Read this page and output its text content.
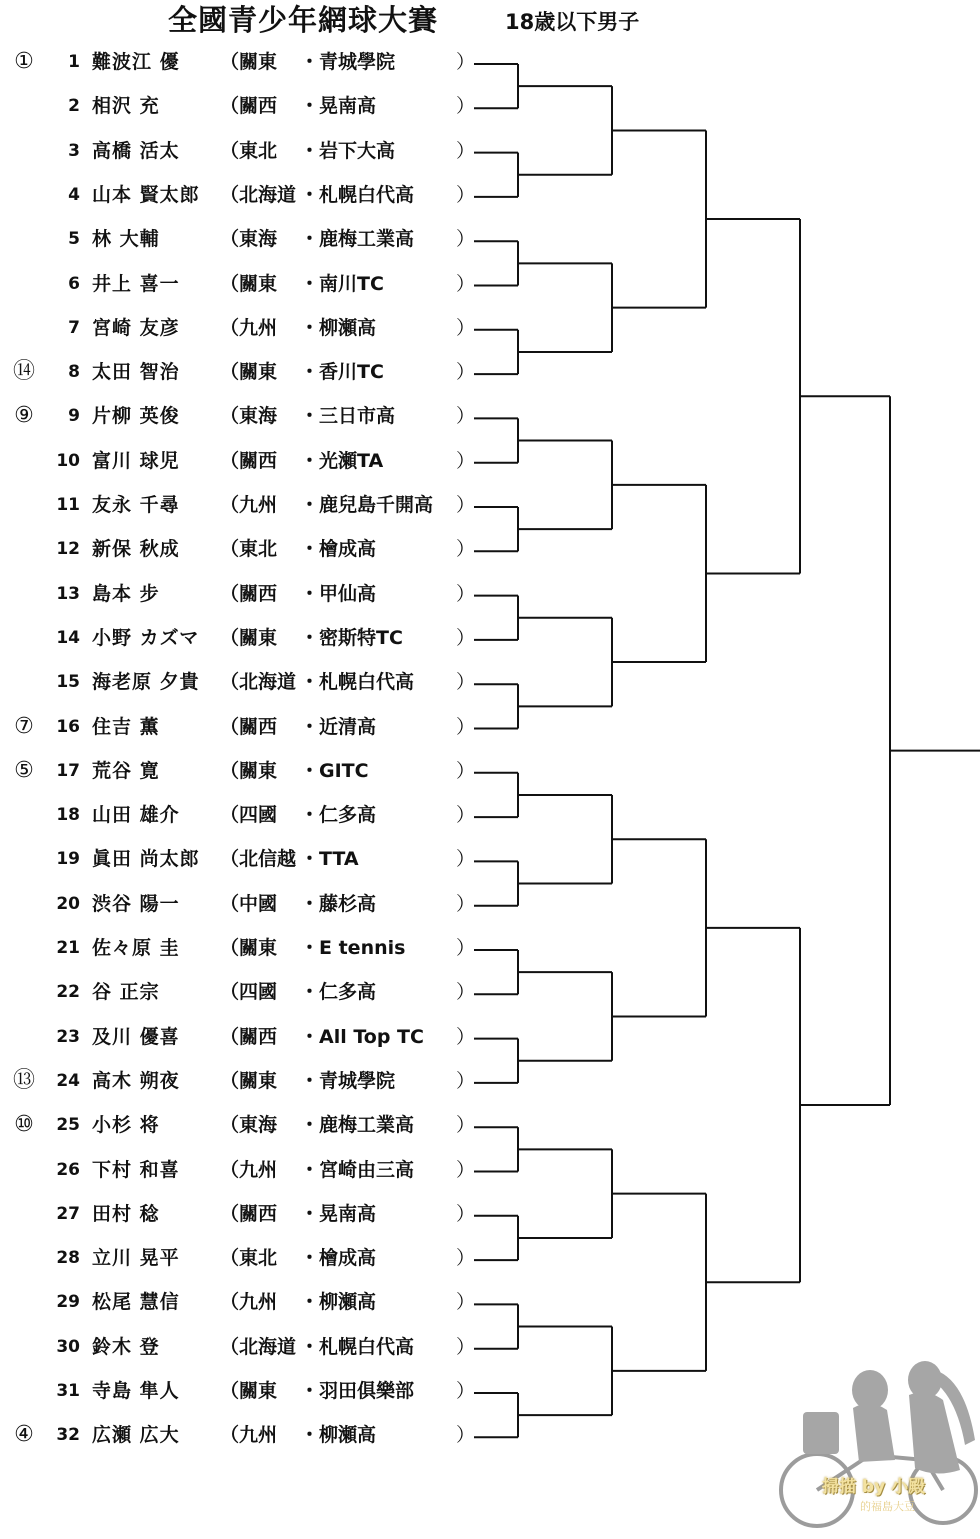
全國青少年網球大賽	18歳以下男子
①	1 難波江 優 （關東 ・青城學院	）
2 相沢 充	（關西 ・晃南高	）
3 高橋 活太 （東北 ・岩下大高	）
4 山本 賢太郎 （北海道 ・札幌白代高 ）
5 林 大輔	（東海 ・鹿梅工業高 ）
6 井上 喜一 （關東 ・南川TC	）
7 宮崎 友彦 （九州 ・柳瀬高	）
⑭	8 太田 智治 （關東 ・香川TC	）
⑨	9 片柳 英俊 （東海 ・三日市高	）
10 富川 球児 （關西 ・光瀬TA	）
11 友永 千尋 （九州 ・鹿兒島千開高 ）
12 新保 秋成 （東北 ・檜成高	）
13 島本 步	（關西 ・甲仙高	）
14 小野 カズマ （關東 ・密斯特TC	）
15 海老原 夕貴 （北海道 ・札幌白代高 ）
⑦	16 住吉 薫	（關西 ・近清高	）
⑤	17 荒谷 寛	（關東 ・GITC	）
18 山田 雄介 （四國 ・仁多高	）
19 眞田 尚太郎 （北信越 ・TTA	）
20 渋谷 陽一 （中國 ・藤杉高	）
21 佐々原 圭 （關東 ・E tennis	）
22 谷 正宗	（四國 ・仁多高	）
23 及川 優喜 （關西 ・All Top TC ）
⑬	24 高木 朔夜 （關東 ・青城學院	）
⑩	25 小杉 将	（東海 ・鹿梅工業高 ）
26 下村 和喜 （九州 ・宮崎由三高 ）
27 田村 稔	（關西 ・晃南高	）
28 立川 晃平 （東北 ・檜成高	）
29 松尾 慧信 （九州 ・柳瀬高	）
30 鈴木 登	（北海道 ・札幌白代高 ）
31 寺島 隼人 （關東 ・羽田俱樂部 ）
④	32 広瀬 広大 （九州 ・柳瀬高	）
掃描 by 小殿
的福島大豆
